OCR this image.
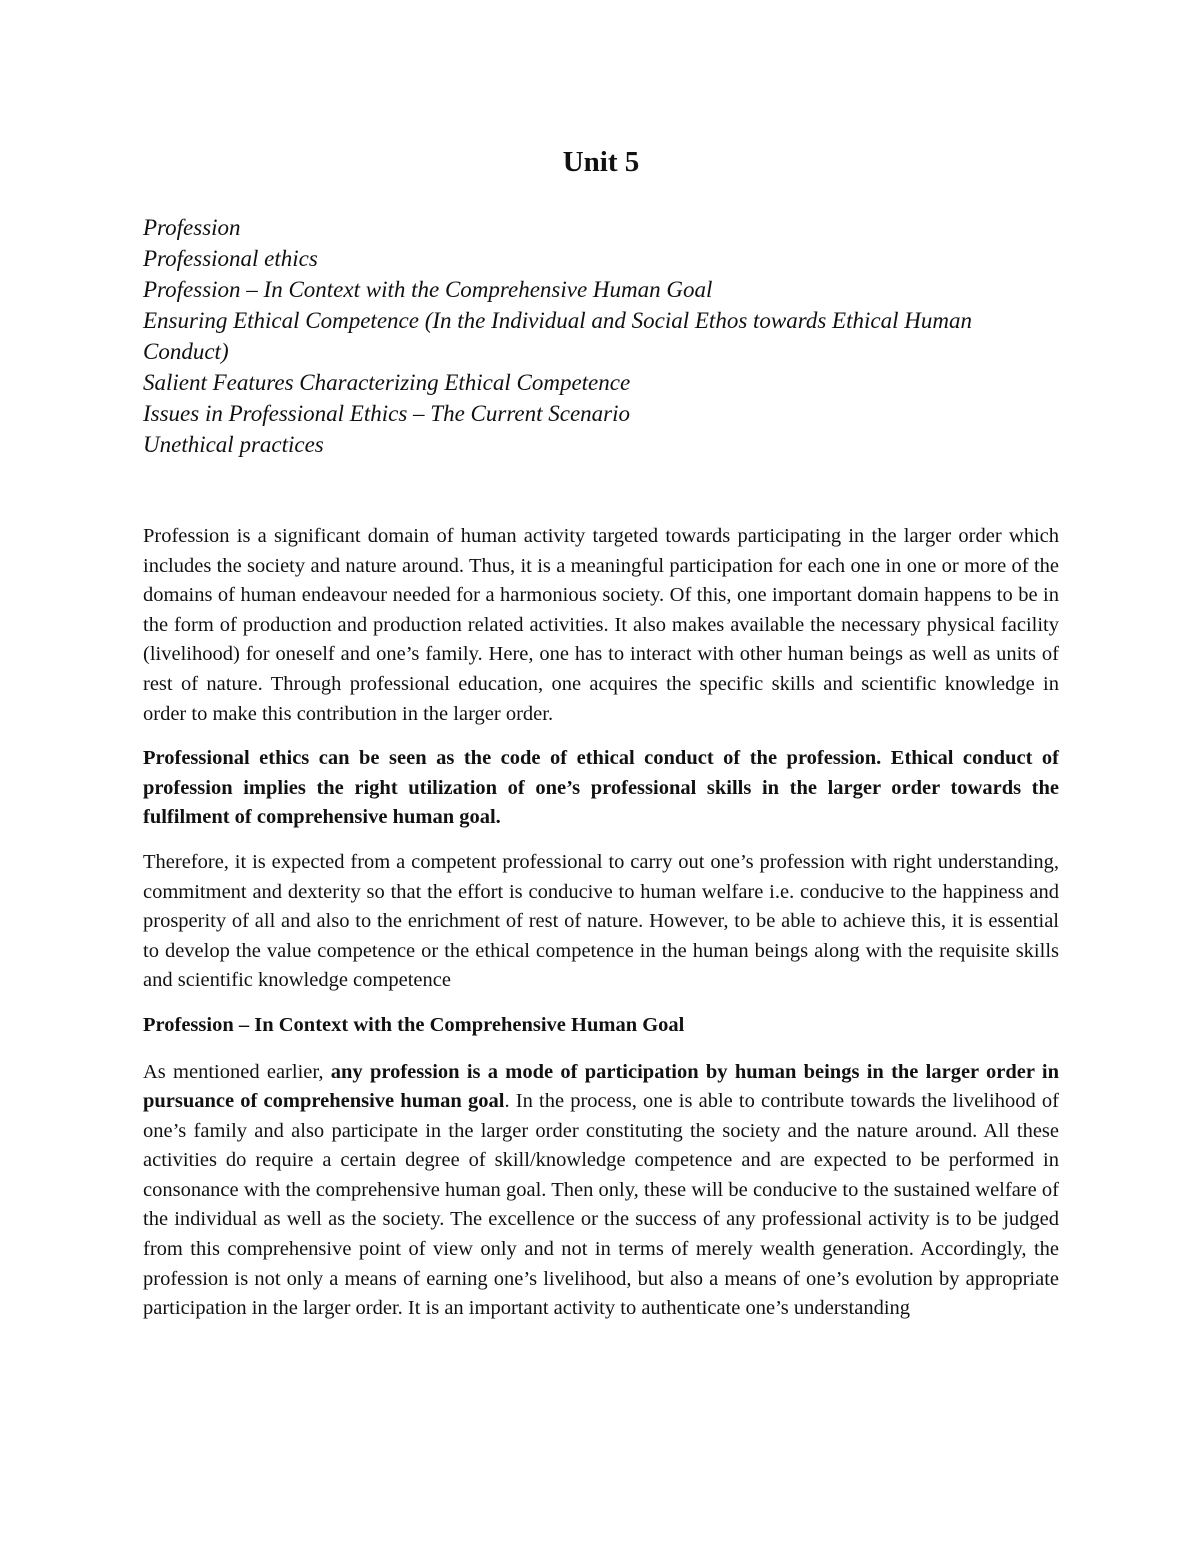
Unit 5
Profession
Professional ethics
Profession – In Context with the Comprehensive Human Goal
Ensuring Ethical Competence (In the Individual and Social Ethos towards Ethical Human Conduct)
Salient Features Characterizing Ethical Competence
Issues in Professional Ethics – The Current Scenario
Unethical practices

Profession is a significant domain of human activity targeted towards participating in the larger order which includes the society and nature around. Thus, it is a meaningful participation for each one in one or more of the domains of human endeavour needed for a harmonious society. Of this, one important domain happens to be in the form of production and production related activities. It also makes available the necessary physical facility (livelihood) for oneself and one’s family. Here, one has to interact with other human beings as well as units of rest of nature. Through professional education, one acquires the specific skills and scientific knowledge in order to make this contribution in the larger order.

Professional ethics can be seen as the code of ethical conduct of the profession. Ethical conduct of profession implies the right utilization of one’s professional skills in the larger order towards the fulfilment of comprehensive human goal.

Therefore, it is expected from a competent professional to carry out one’s profession with right understanding, commitment and dexterity so that the effort is conducive to human welfare i.e. conducive to the happiness and prosperity of all and also to the enrichment of rest of nature. However, to be able to achieve this, it is essential to develop the value competence or the ethical competence in the human beings along with the requisite skills and scientific knowledge competence

Profession – In Context with the Comprehensive Human Goal

As mentioned earlier, any profession is a mode of participation by human beings in the larger order in pursuance of comprehensive human goal. In the process, one is able to contribute towards the livelihood of one’s family and also participate in the larger order constituting the society and the nature around. All these activities do require a certain degree of skill/knowledge competence and are expected to be performed in consonance with the comprehensive human goal. Then only, these will be conducive to the sustained welfare of the individual as well as the society. The excellence or the success of any professional activity is to be judged from this comprehensive point of view only and not in terms of merely wealth generation. Accordingly, the profession is not only a means of earning one’s livelihood, but also a means of one’s evolution by appropriate participation in the larger order. It is an important activity to authenticate one’s understanding
